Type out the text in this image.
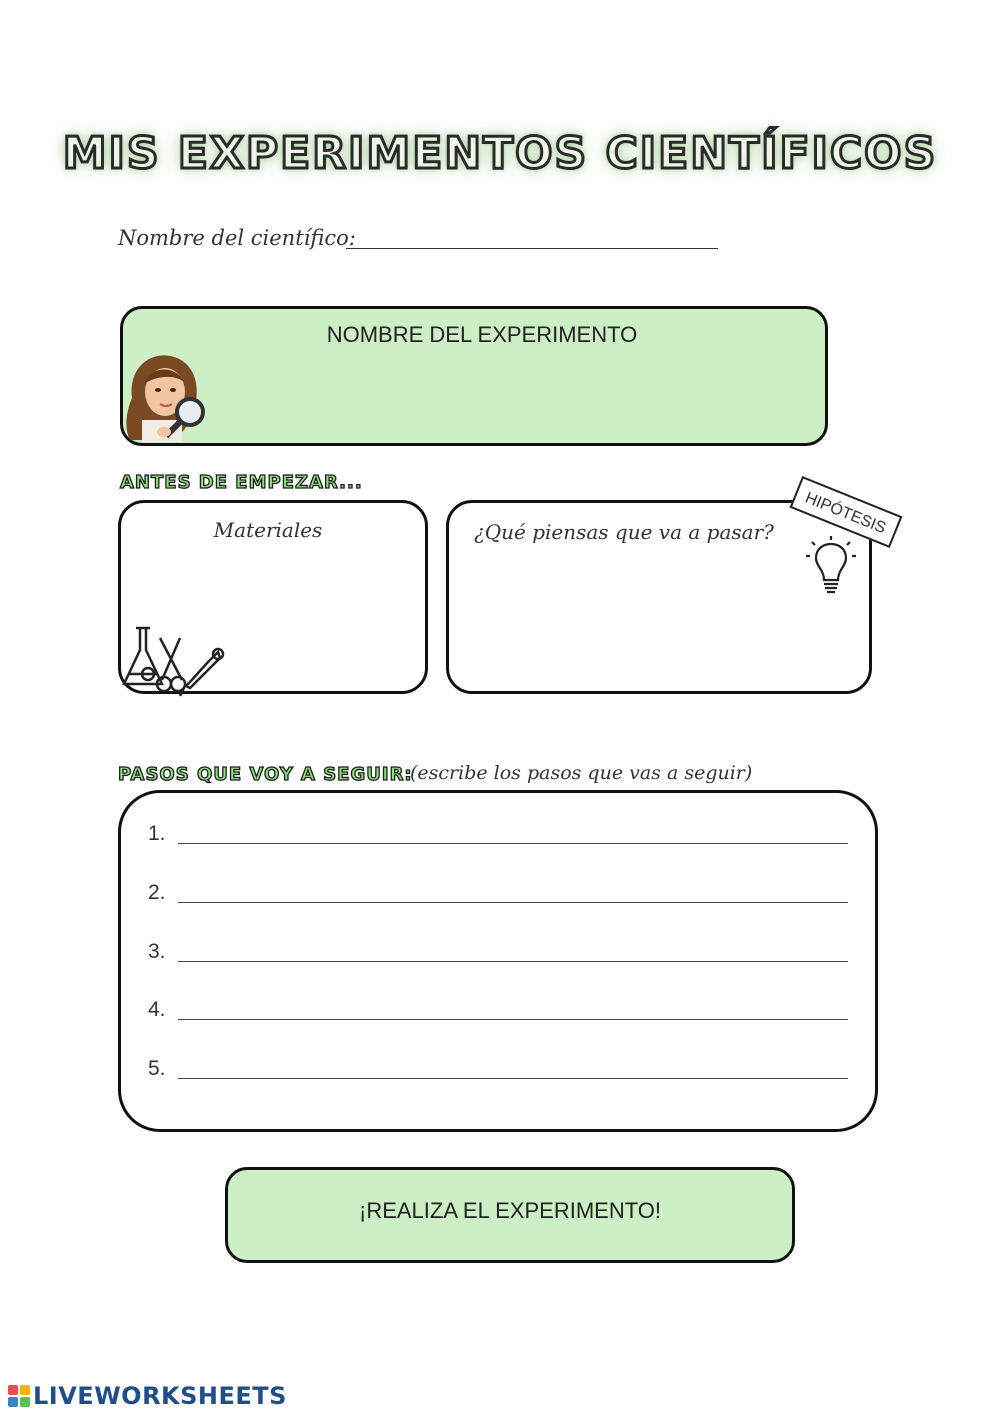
MIS EXPERIMENTOS CIENTÍFICOS
Nombre del científico:
NOMBRE DEL EXPERIMENTO
ANTES DE EMPEZAR...
Materiales	¿Qué piensas que va a pasar?	HIPÓTESIS
PASOS QUE VOY A SEGUIR:
(escribe los pasos que vas a seguir)
1.
2.
3.
4.
5.
¡REALIZA EL EXPERIMENTO!
LIVEWORKSHEETS
